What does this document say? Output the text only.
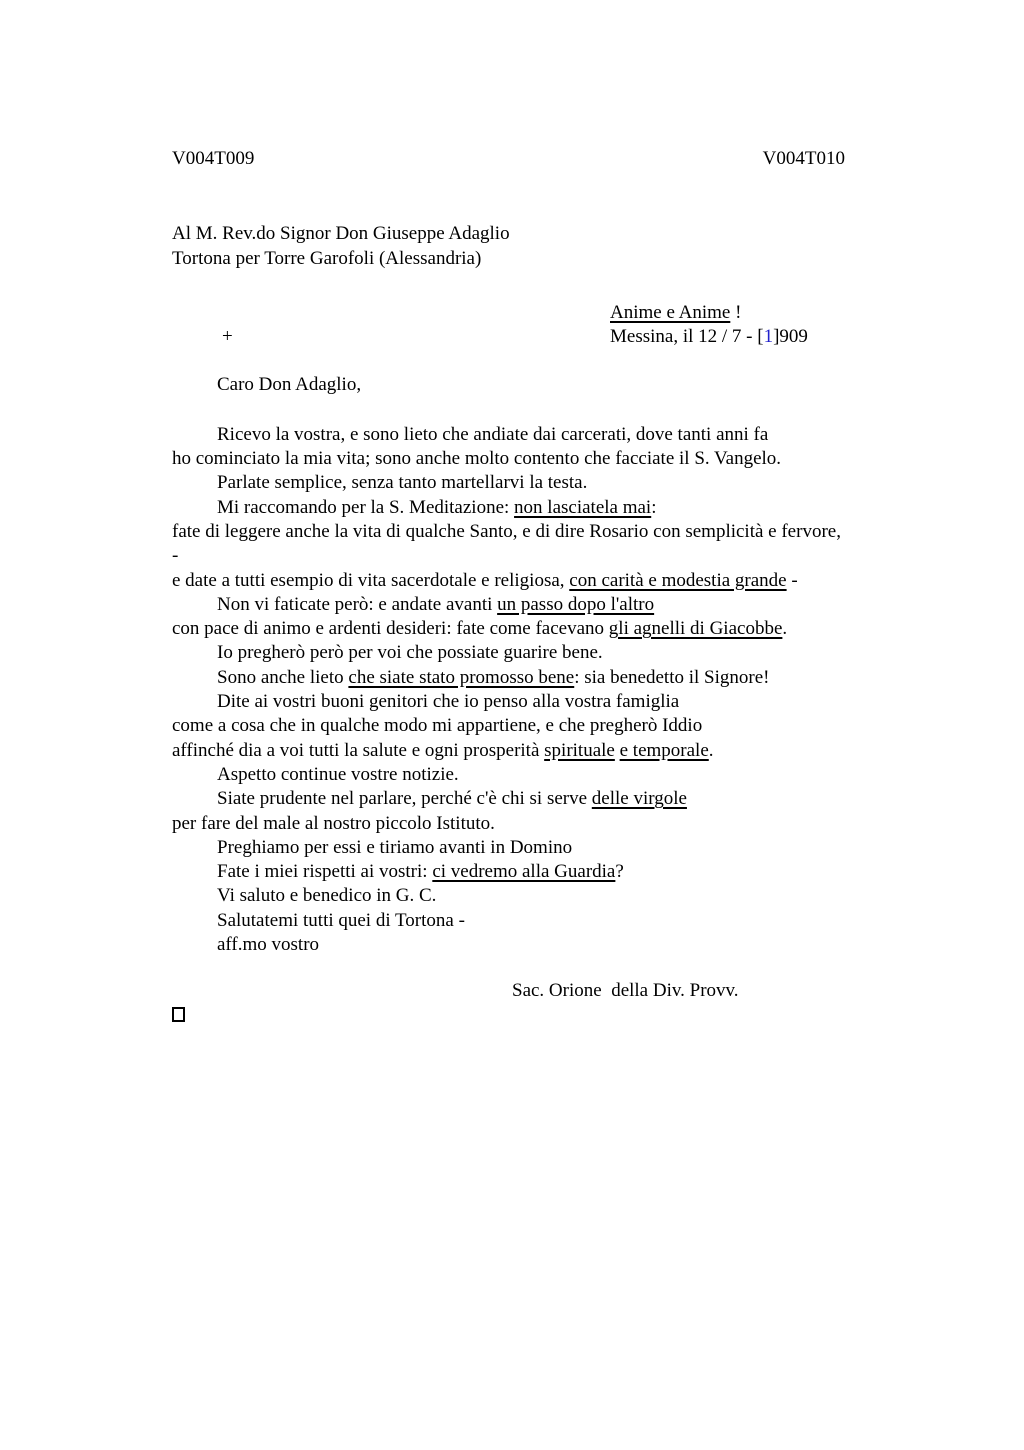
V004T009	V004T010
Al M. Rev.do Signor Don Giuseppe Adaglio
Tortona per Torre Garofoli (Alessandria)
Anime e Anime !
+	Messina, il 12 / 7 - [1]909
Caro Don Adaglio,
Ricevo la vostra, e sono lieto che andiate dai carcerati, dove tanti anni fa
ho cominciato la mia vita; sono anche molto contento che facciate il S. Vangelo.
Parlate semplice, senza tanto martellarvi la testa.
Mi raccomando per la S. Meditazione: non lasciatela mai:
fate di leggere anche la vita di qualche Santo, e di dire Rosario con semplicità e fervore,
-
e date a tutti esempio di vita sacerdotale e religiosa, con carità e modestia grande -
Non vi faticate però: e andate avanti un passo dopo l'altro
con pace di animo e ardenti desideri: fate come facevano gli agnelli di Giacobbe.
Io pregherò però per voi che possiate guarire bene.
Sono anche lieto che siate stato promosso bene: sia benedetto il Signore!
Dite ai vostri buoni genitori che io penso alla vostra famiglia
come a cosa che in qualche modo mi appartiene, e che pregherò Iddio
affinché dia a voi tutti la salute e ogni prosperità spirituale e temporale.
Aspetto continue vostre notizie.
Siate prudente nel parlare, perché c'è chi si serve delle virgole
per fare del male al nostro piccolo Istituto.
Preghiamo per essi e tiriamo avanti in Domino
Fate i miei rispetti ai vostri: ci vedremo alla Guardia?
Vi saluto e benedico in G. C.
Salutatemi tutti quei di Tortona -
aff.mo vostro
Sac. Orione  della Div. Provv.
